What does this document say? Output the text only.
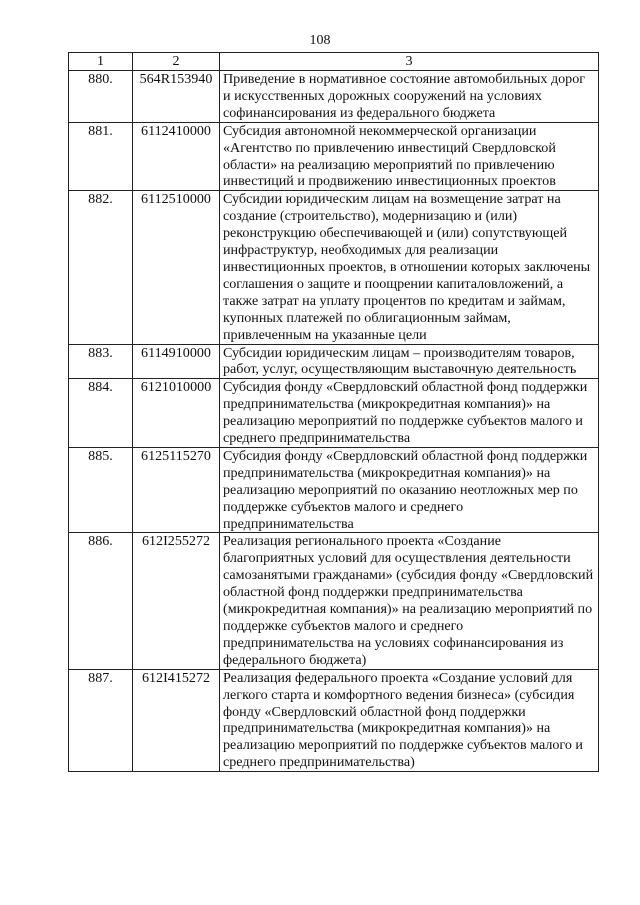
108
1	2	3
880.	564R153940	Приведение в нормативное состояние автомобильных дорог и искусственных дорожных сооружений на условиях софинансирования из федерального бюджета
881.	6112410000	Субсидия автономной некоммерческой организации «Агентство по привлечению инвестиций Свердловской области» на реализацию мероприятий по привлечению инвестиций и продвижению инвестиционных проектов
882.	6112510000	Субсидии юридическим лицам на возмещение затрат на создание (строительство), модернизацию и (или) реконструкцию обеспечивающей и (или) сопутствующей инфраструктур, необходимых для реализации инвестиционных проектов, в отношении которых заключены соглашения о защите и поощрении капиталовложений, а также затрат на уплату процентов по кредитам и займам, купонных платежей по облигационным займам, привлеченным на указанные цели
883.	6114910000	Субсидии юридическим лицам – производителям товаров, работ, услуг, осуществляющим выставочную деятельность
884.	6121010000	Субсидия фонду «Свердловский областной фонд поддержки предпринимательства (микрокредитная компания)» на реализацию мероприятий по поддержке субъектов малого и среднего предпринимательства
885.	6125115270	Субсидия фонду «Свердловский областной фонд поддержки предпринимательства (микрокредитная компания)» на реализацию мероприятий по оказанию неотложных мер по поддержке субъектов малого и среднего предпринимательства
886.	612I255272	Реализация регионального проекта «Создание благоприятных условий для осуществления деятельности самозанятыми гражданами» (субсидия фонду «Свердловский областной фонд поддержки предпринимательства (микрокредитная компания)» на реализацию мероприятий по поддержке субъектов малого и среднего предпринимательства на условиях софинансирования из федерального бюджета)
887.	612I415272	Реализация федерального проекта «Создание условий для легкого старта и комфортного ведения бизнеса» (субсидия фонду «Свердловский областной фонд поддержки предпринимательства (микрокредитная компания)» на реализацию мероприятий по поддержке субъектов малого и среднего предпринимательства)
